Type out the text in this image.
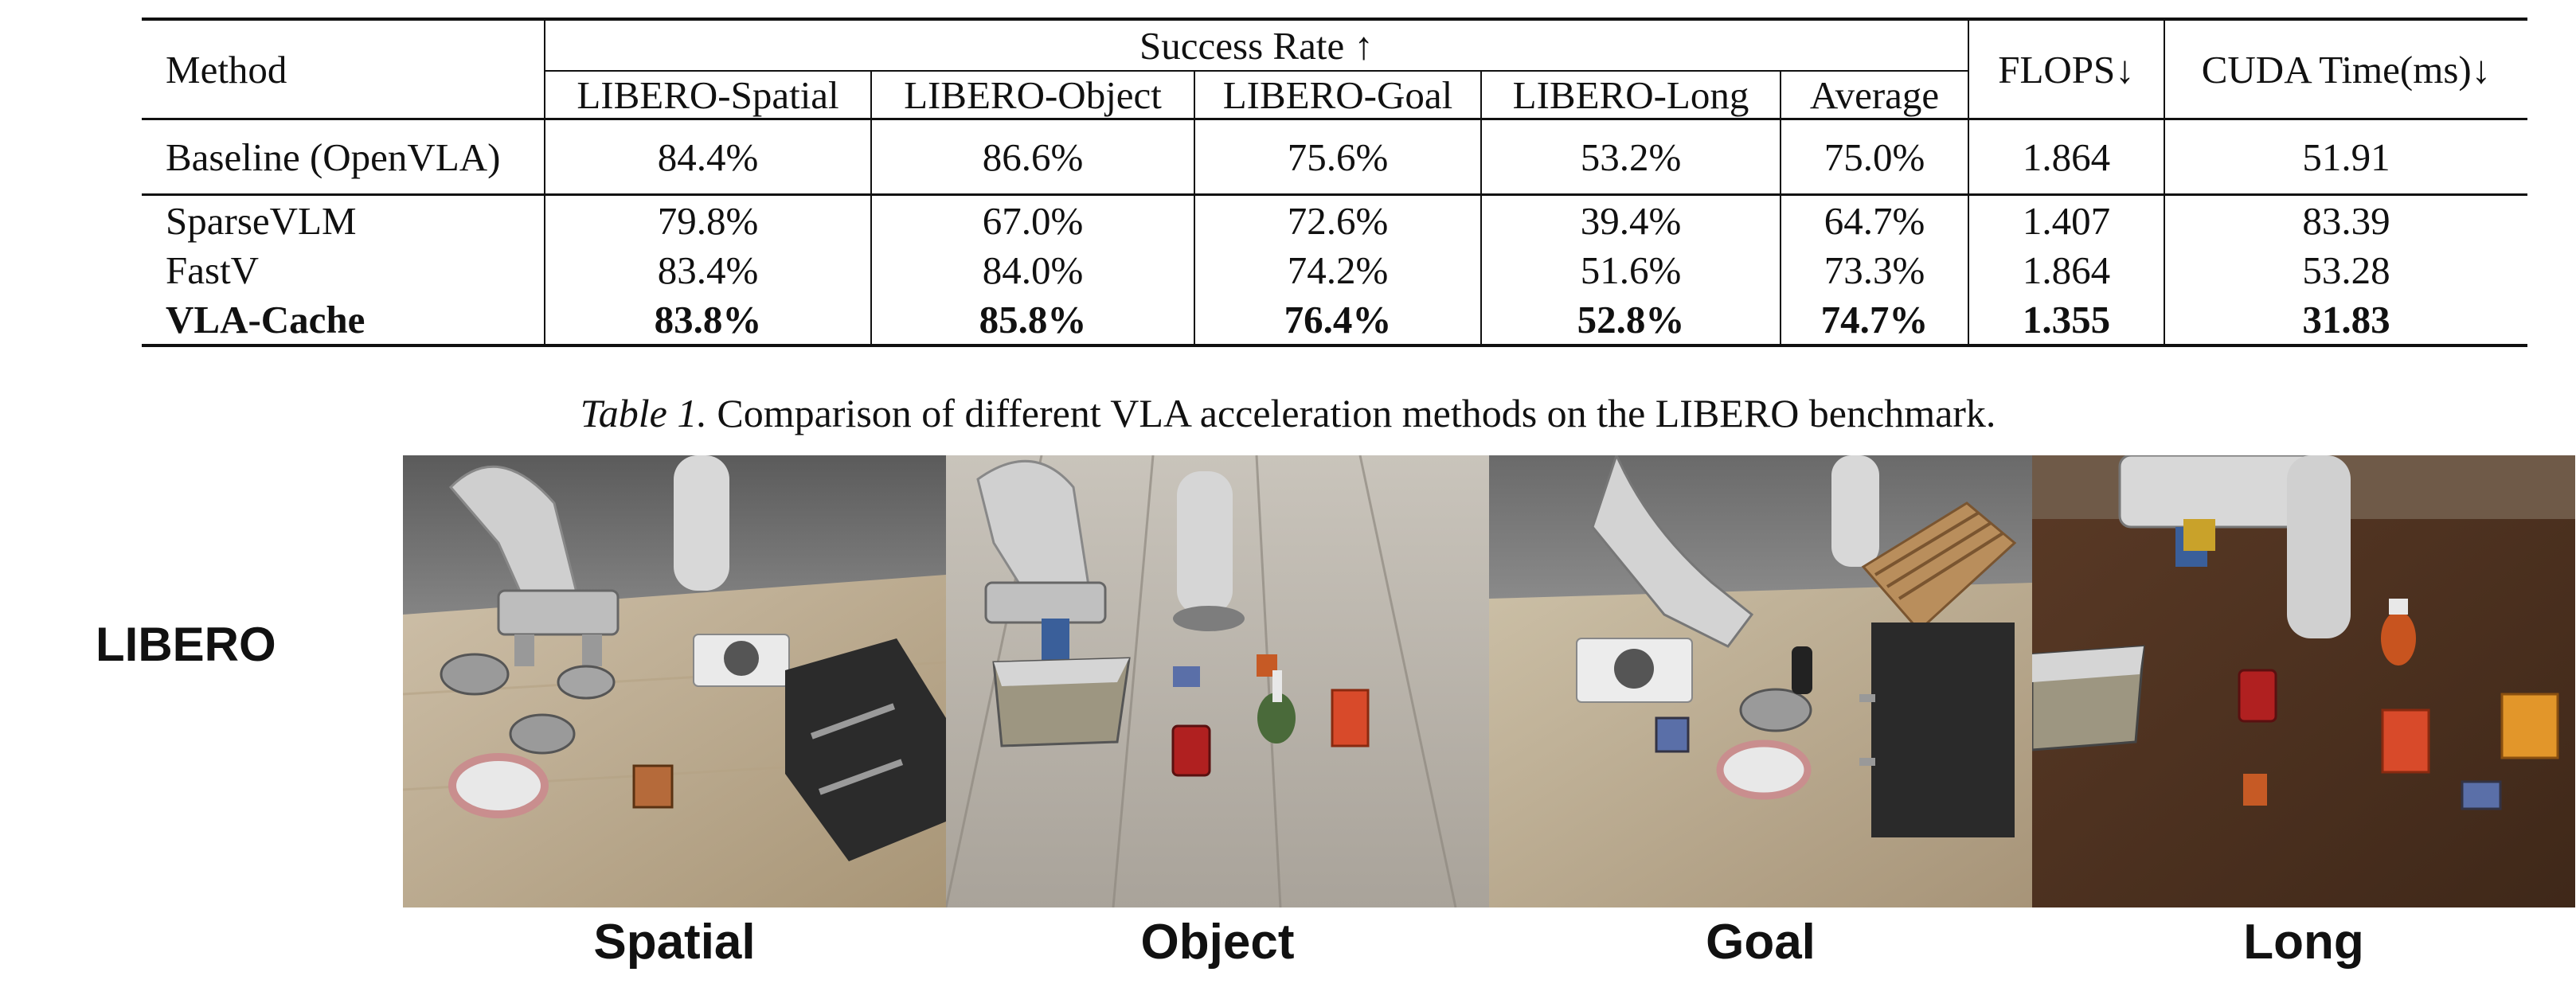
Method	Success Rate ↑					FLOPS↓	CUDA Time(ms)↓
	LIBERO-Spatial	LIBERO-Object	LIBERO-Goal	LIBERO-Long	Average		
Baseline (OpenVLA)	84.4%	86.6%	75.6%	53.2%	75.0%	1.864	51.91
SparseVLM	79.8%	67.0%	72.6%	39.4%	64.7%	1.407	83.39
FastV	83.4%	84.0%	74.2%	51.6%	73.3%	1.864	53.28
VLA-Cache	83.8%	85.8%	76.4%	52.8%	74.7%	1.355	31.83
Table 1. Comparison of different VLA acceleration methods on the LIBERO benchmark.
LIBERO
Spatial	Object	Goal	Long
